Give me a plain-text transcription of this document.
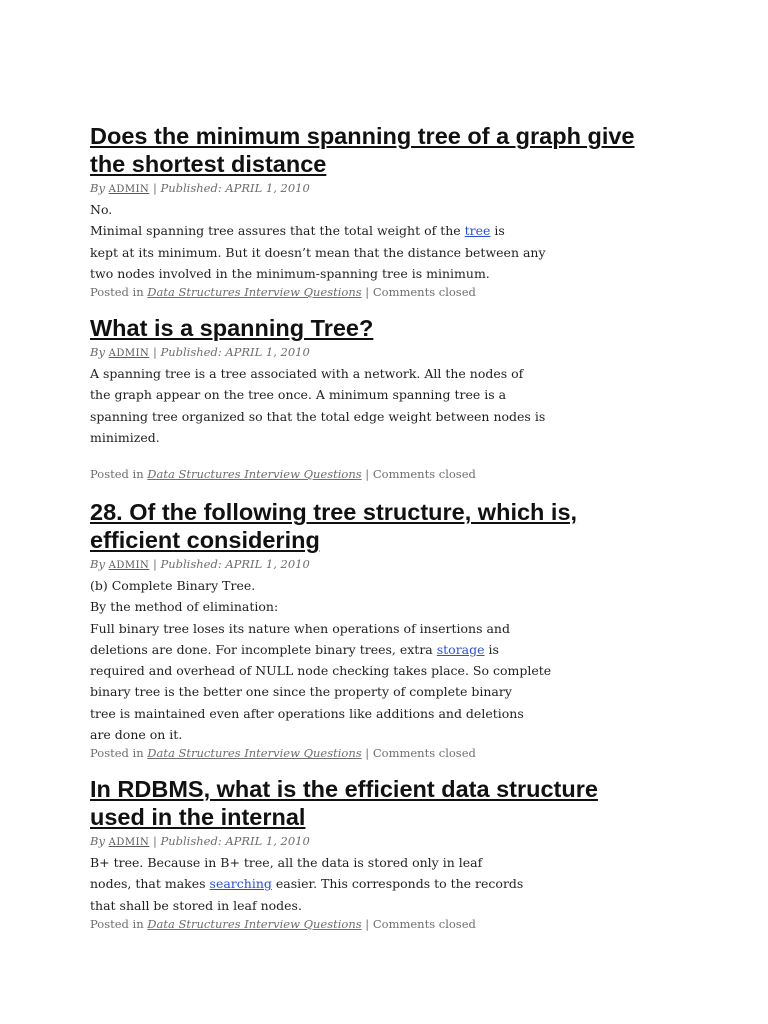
Does the minimum spanning tree of a graph give
the shortest distance

By ADMIN | Published: APRIL 1, 2010

No.
Minimal spanning tree assures that the total weight of the tree is
kept at its minimum. But it doesn’t mean that the distance between any
two nodes involved in the minimum-spanning tree is minimum.

Posted in Data Structures Interview Questions | Comments closed

What is a spanning Tree?

By ADMIN | Published: APRIL 1, 2010

A spanning tree is a tree associated with a network. All the nodes of
the graph appear on the tree once. A minimum spanning tree is a
spanning tree organized so that the total edge weight between nodes is
minimized.

Posted in Data Structures Interview Questions | Comments closed

28. Of the following tree structure, which is,
efficient considering

By ADMIN | Published: APRIL 1, 2010

(b) Complete Binary Tree.
By the method of elimination:
Full binary tree loses its nature when operations of insertions and
deletions are done. For incomplete binary trees, extra storage is
required and overhead of NULL node checking takes place. So complete
binary tree is the better one since the property of complete binary
tree is maintained even after operations like additions and deletions
are done on it.

Posted in Data Structures Interview Questions | Comments closed

In RDBMS, what is the efficient data structure
used in the internal

By ADMIN | Published: APRIL 1, 2010

B+ tree. Because in B+ tree, all the data is stored only in leaf
nodes, that makes searching easier. This corresponds to the records
that shall be stored in leaf nodes.

Posted in Data Structures Interview Questions | Comments closed
